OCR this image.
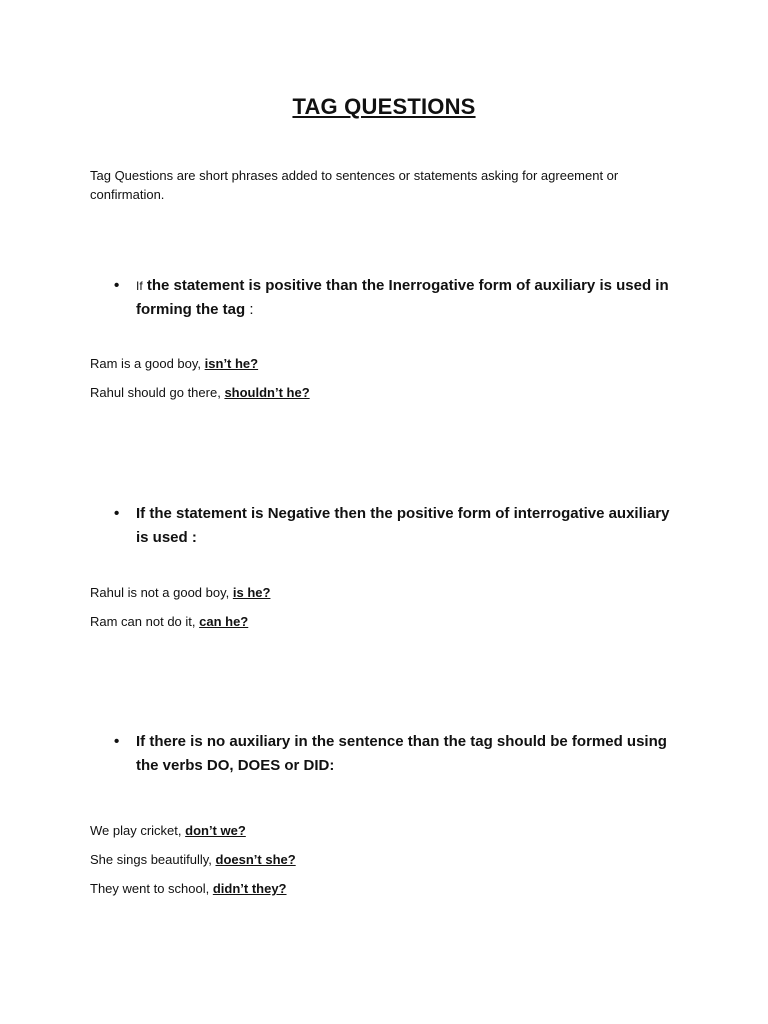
TAG QUESTIONS
Tag Questions are short phrases added to sentences or statements asking for agreement or confirmation.
• If the statement is positive than the Inerrogative form of auxiliary is used in forming the tag :
Ram is a good boy, isn’t he?
Rahul should go there, shouldn’t he?
• If the statement is Negative then the positive form of interrogative auxiliary is used :
Rahul is not a good boy, is he?
Ram can not do it, can he?
• If there is no auxiliary in the sentence than the tag should be formed using the verbs DO, DOES or DID:
We play cricket, don’t we?
She sings beautifully, doesn’t she?
They went to school, didn’t they?
